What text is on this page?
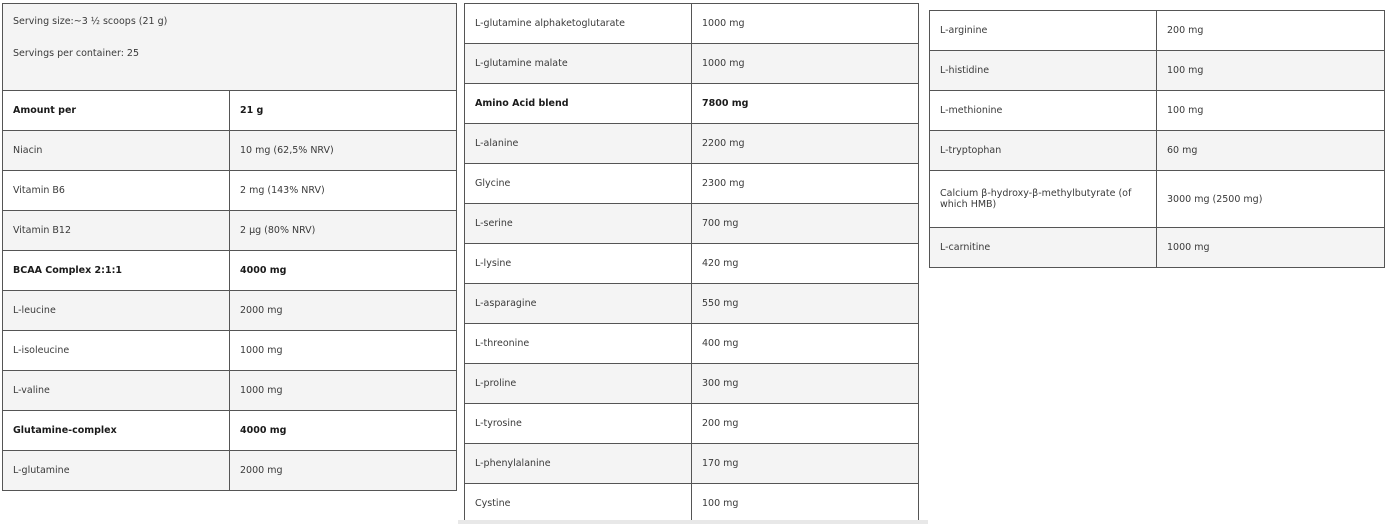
Serving size:~3 ½ scoops (21 g)

Servings per container: 25	

Amount per	21 g
Niacin	10 mg (62,5% NRV)
Vitamin B6	2 mg (143% NRV)
Vitamin B12	2 µg (80% NRV)
BCAA Complex 2:1:1	4000 mg
L-leucine	2000 mg
L-isoleucine	1000 mg
L-valine	1000 mg
Glutamine-complex	4000 mg
L-glutamine	2000 mg
L-glutamine alphaketoglutarate	1000 mg
L-glutamine malate	1000 mg
Amino Acid blend	7800 mg
L-alanine	2200 mg
Glycine	2300 mg
L-serine	700 mg
L-lysine	420 mg
L-asparagine	550 mg
L-threonine	400 mg
L-proline	300 mg
L-tyrosine	200 mg
L-phenylalanine	170 mg
Cystine	100 mg
L-arginine	200 mg
L-histidine	100 mg
L-methionine	100 mg
L-tryptophan	60 mg
Calcium β-hydroxy-β-methylbutyrate (of which HMB)	3000 mg (2500 mg)
L-carnitine	1000 mg
